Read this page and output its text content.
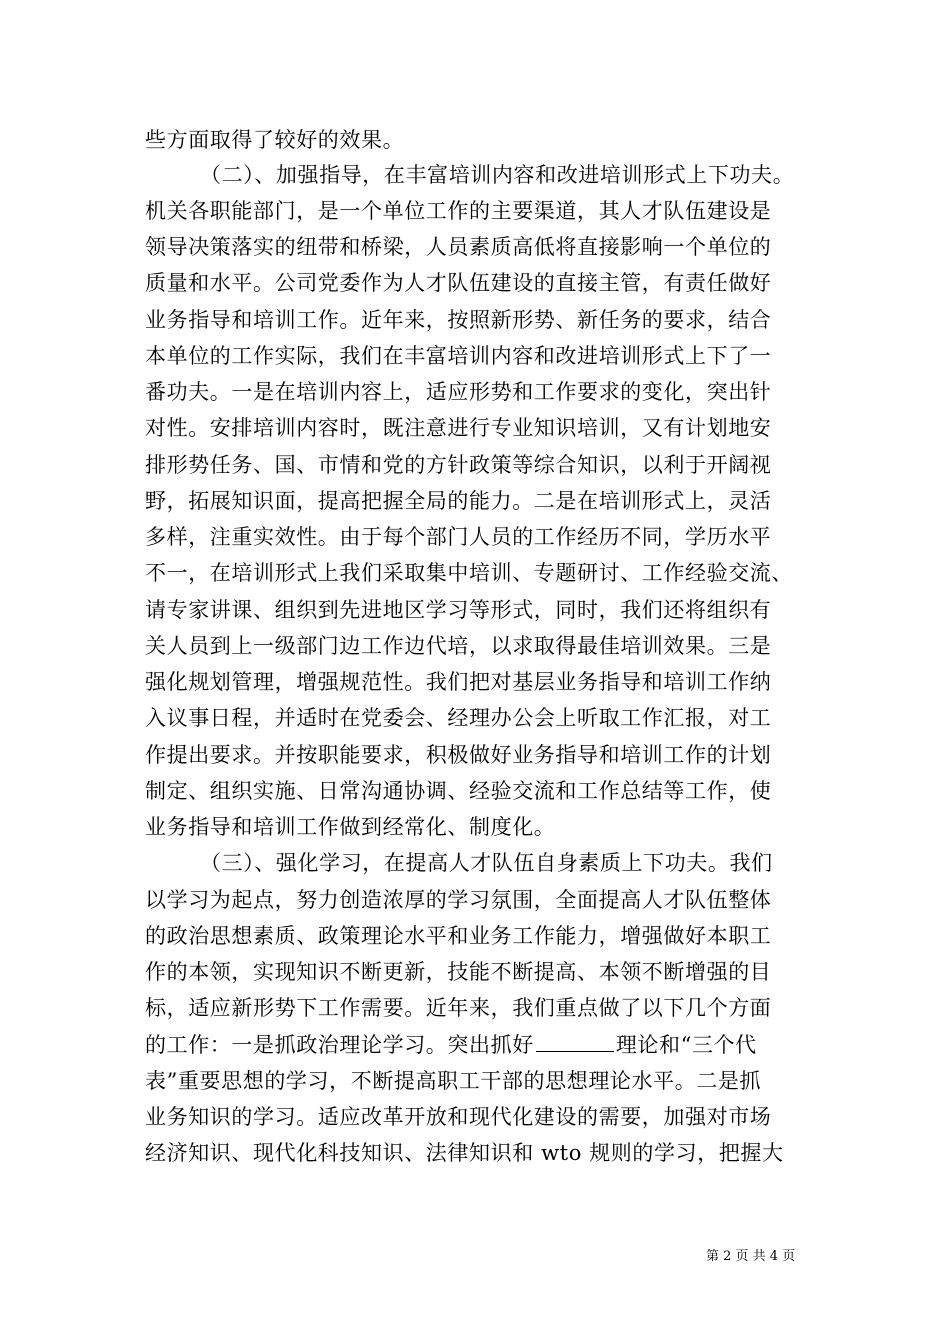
些方面取得了较好的效果。
（二）、加强指导，在丰富培训内容和改进培训形式上下功夫。
机关各职能部门，是一个单位工作的主要渠道，其人才队伍建设是
领导决策落实的纽带和桥梁，人员素质高低将直接影响一个单位的
质量和水平。公司党委作为人才队伍建设的直接主管，有责任做好
业务指导和培训工作。近年来，按照新形势、新任务的要求，结合
本单位的工作实际，我们在丰富培训内容和改进培训形式上下了一
番功夫。一是在培训内容上，适应形势和工作要求的变化，突出针
对性。安排培训内容时，既注意进行专业知识培训，又有计划地安
排形势任务、国、市情和党的方针政策等综合知识，以利于开阔视
野，拓展知识面，提高把握全局的能力。二是在培训形式上，灵活
多样，注重实效性。由于每个部门人员的工作经历不同，学历水平
不一，在培训形式上我们采取集中培训、专题研讨、工作经验交流、
请专家讲课、组织到先进地区学习等形式，同时，我们还将组织有
关人员到上一级部门边工作边代培，以求取得最佳培训效果。三是
强化规划管理，增强规范性。我们把对基层业务指导和培训工作纳
入议事日程，并适时在党委会、经理办公会上听取工作汇报，对工
作提出要求。并按职能要求，积极做好业务指导和培训工作的计划
制定、组织实施、日常沟通协调、经验交流和工作总结等工作，使
业务指导和培训工作做到经常化、制度化。
（三）、强化学习，在提高人才队伍自身素质上下功夫。我们
以学习为起点，努力创造浓厚的学习氛围，全面提高人才队伍整体
的政治思想素质、政策理论水平和业务工作能力，增强做好本职工
作的本领，实现知识不断更新，技能不断提高、本领不断增强的目
标，适应新形势下工作需要。近年来，我们重点做了以下几个方面
的工作：一是抓政治理论学习。突出抓好	理论和“三个代
表”重要思想的学习，不断提高职工干部的思想理论水平。二是抓
业务知识的学习。适应改革开放和现代化建设的需要，加强对市场
经济知识、现代化科技知识、法律知识和 wto 规则的学习，把握大
第 2 页 共 4 页
